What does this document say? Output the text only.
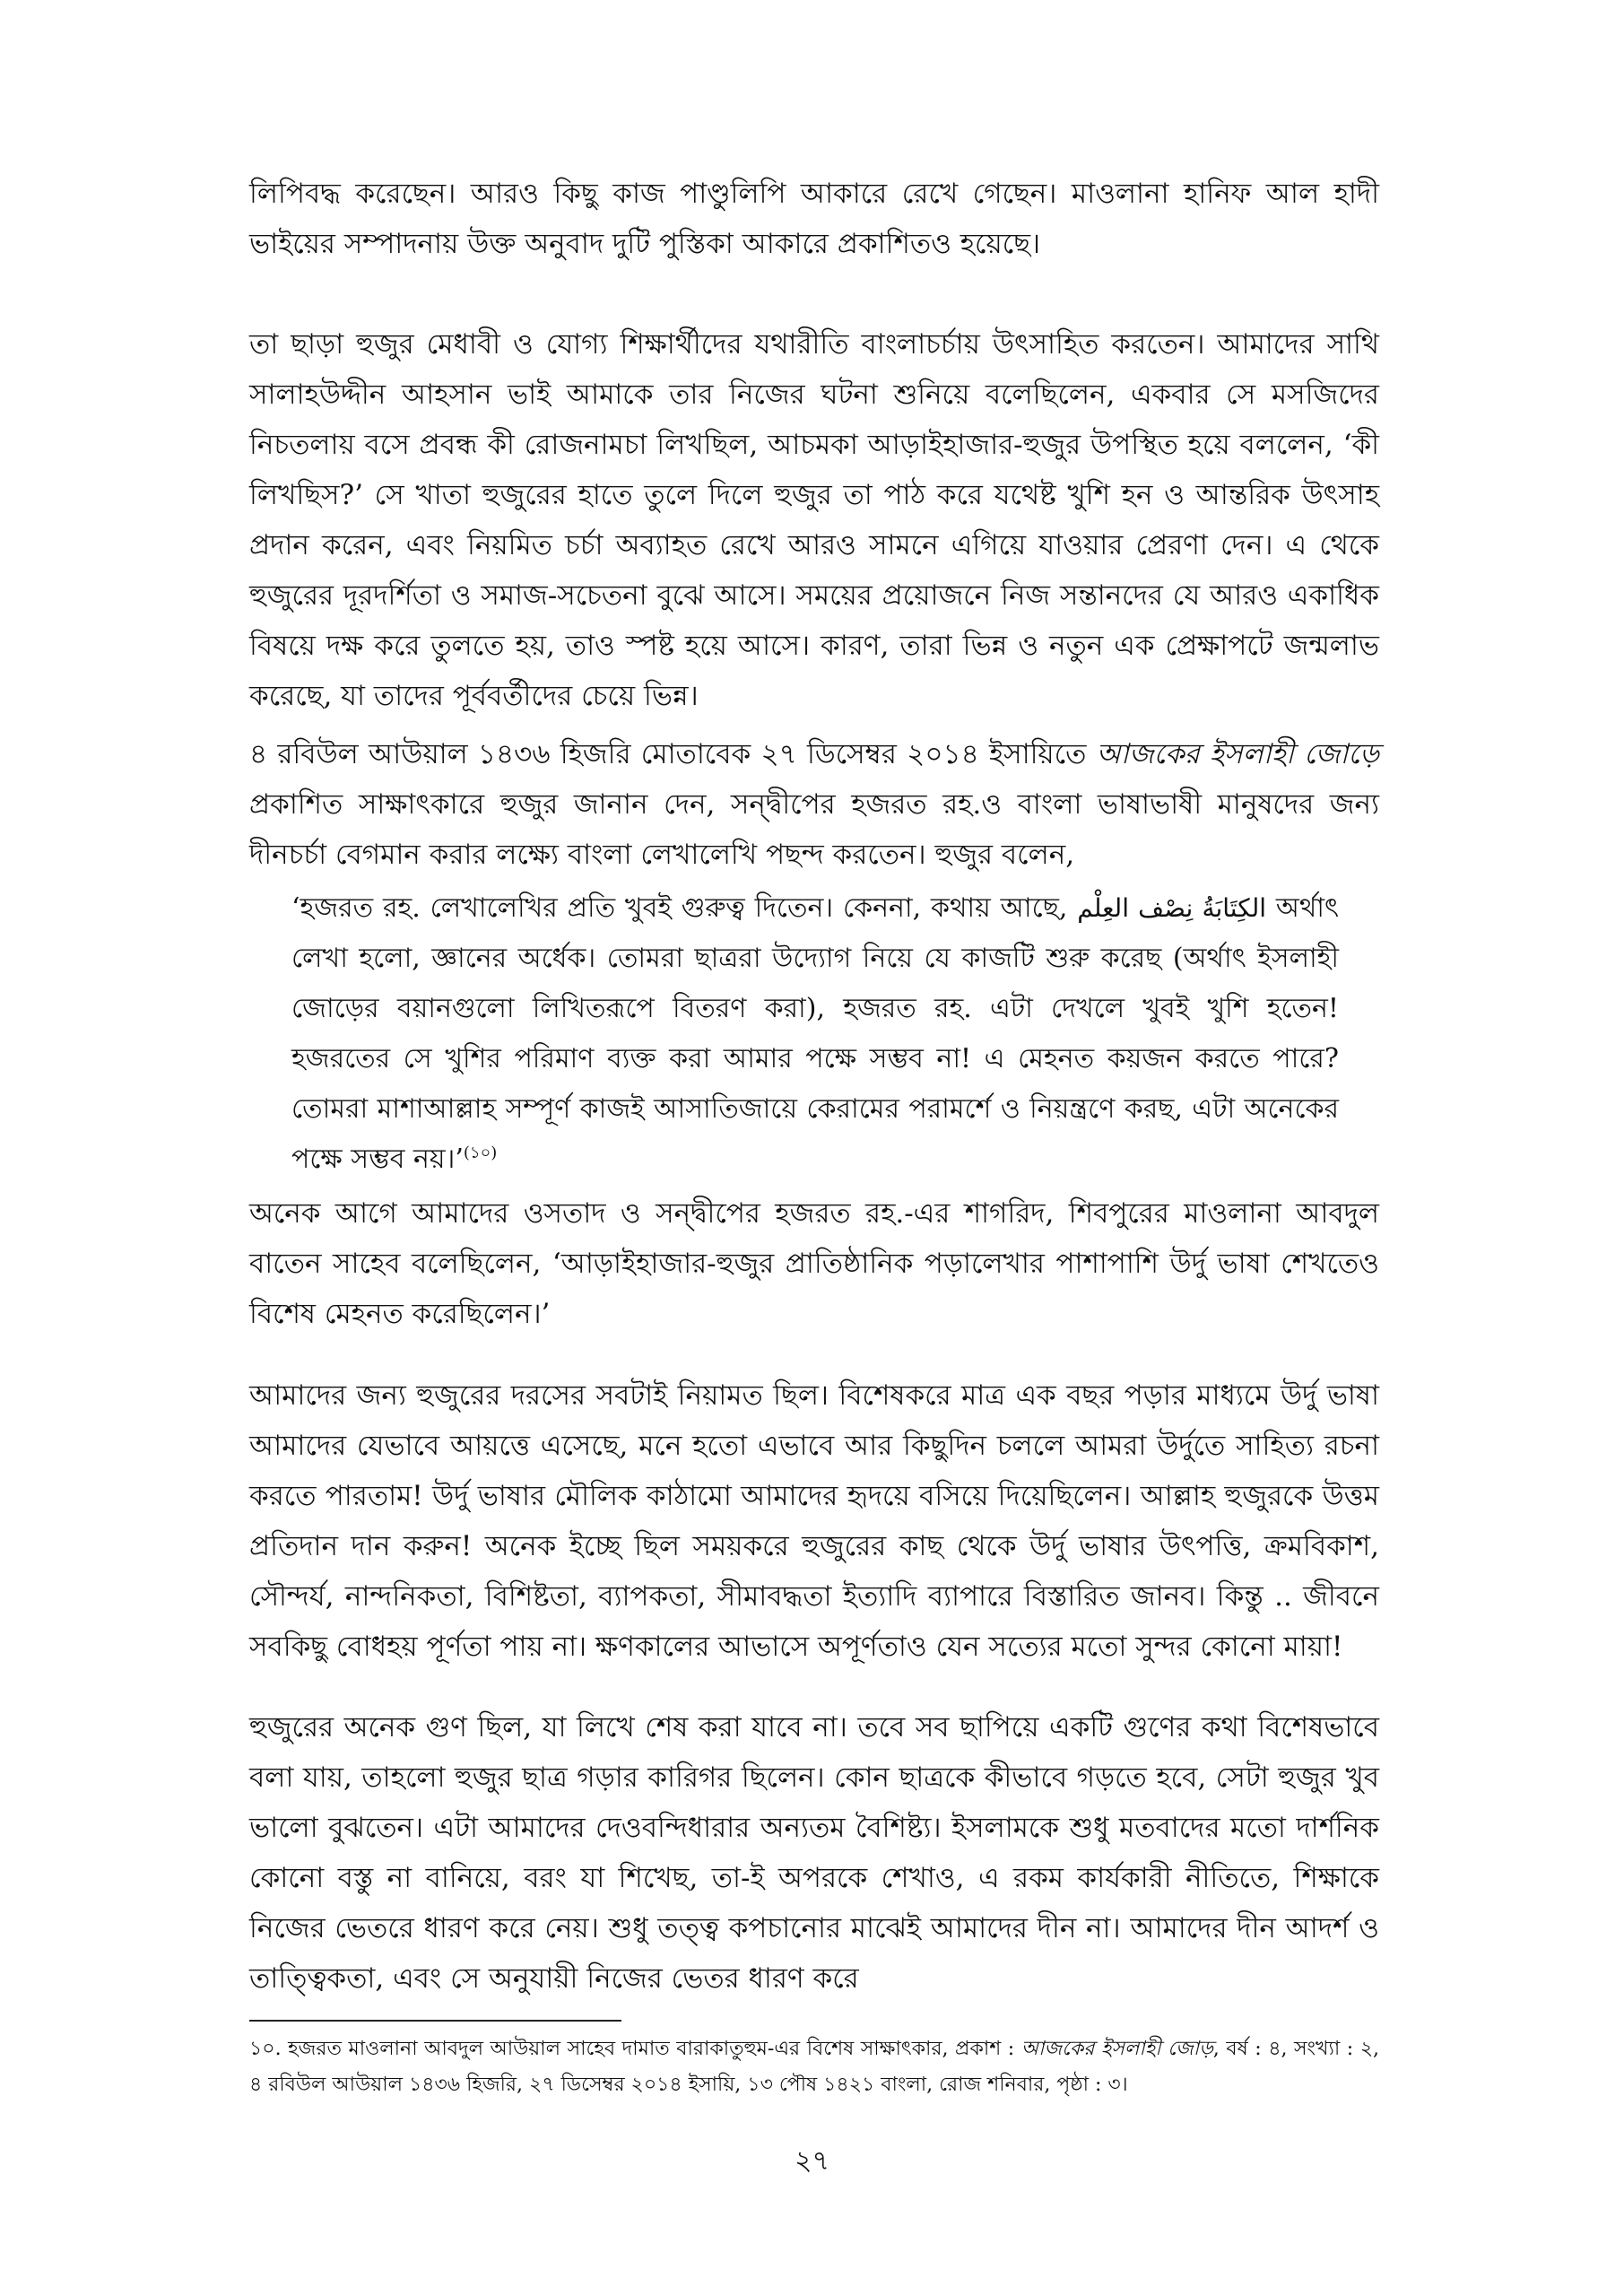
লিপিবদ্ধ করেছেন। আরও কিছু কাজ পাণ্ডুলিপি আকারে রেখে গেছেন। মাওলানা হানিফ আল হাদী ভাইয়ের সম্পাদনায় উক্ত অনুবাদ দুটি পুস্তিকা আকারে প্রকাশিতও হয়েছে।

তা ছাড়া হুজুর মেধাবী ও যোগ্য শিক্ষার্থীদের যথারীতি বাংলাচর্চায় উৎসাহিত করতেন। আমাদের সাথি সালাহউদ্দীন আহসান ভাই আমাকে তার নিজের ঘটনা শুনিয়ে বলেছিলেন, একবার সে মসজিদের নিচতলায় বসে প্রবন্ধ কী রোজনামচা লিখছিল, আচমকা আড়াইহাজার-হুজুর উপস্থিত হয়ে বললেন, ‘কী লিখছিস?’ সে খাতা হুজুরের হাতে তুলে দিলে হুজুর তা পাঠ করে যথেষ্ট খুশি হন ও আন্তরিক উৎসাহ প্রদান করেন, এবং নিয়মিত চর্চা অব্যাহত রেখে আরও সামনে এগিয়ে যাওয়ার প্রেরণা দেন। এ থেকে হুজুরের দূরদর্শিতা ও সমাজ-সচেতনা বুঝে আসে। সময়ের প্রয়োজনে নিজ সন্তানদের যে আরও একাধিক বিষয়ে দক্ষ করে তুলতে হয়, তাও স্পষ্ট হয়ে আসে। কারণ, তারা ভিন্ন ও নতুন এক প্রেক্ষাপটে জন্মলাভ করেছে, যা তাদের পূর্ববর্তীদের চেয়ে ভিন্ন।

৪ রবিউল আউয়াল ১৪৩৬ হিজরি মোতাবেক ২৭ ডিসেম্বর ২০১৪ ইসায়িতে আজকের ইসলাহী জোড়ে প্রকাশিত সাক্ষাৎকারে হুজুর জানান দেন, সন্দ্বীপের হজরত রহ.ও বাংলা ভাষাভাষী মানুষদের জন্য দীনচর্চা বেগমান করার লক্ষ্যে বাংলা লেখালেখি পছন্দ করতেন। হুজুর বলেন,

‘হজরত রহ. লেখালেখির প্রতি খুবই গুরুত্ব দিতেন। কেননা, কথায় আছে, الكِتَابَةُ نِصْف العِلْم অর্থাৎ লেখা হলো, জ্ঞানের অর্ধেক। তোমরা ছাত্ররা উদ্যোগ নিয়ে যে কাজটি শুরু করেছ (অর্থাৎ ইসলাহী জোড়ের বয়ানগুলো লিখিতরূপে বিতরণ করা), হজরত রহ. এটা দেখলে খুবই খুশি হতেন! হজরতের সে খুশির পরিমাণ ব্যক্ত করা আমার পক্ষে সম্ভব না! এ মেহনত কয়জন করতে পারে? তোমরা মাশাআল্লাহ সম্পূর্ণ কাজই আসাতিজায়ে কেরামের পরামর্শে ও নিয়ন্ত্রণে করছ, এটা অনেকের পক্ষে সম্ভব নয়।’$^{(১০)}$

অনেক আগে আমাদের ওসতাদ ও সন্দ্বীপের হজরত রহ.-এর শাগরিদ, শিবপুরের মাওলানা আবদুল বাতেন সাহেব বলেছিলেন, ‘আড়াইহাজার-হুজুর প্রাতিষ্ঠানিক পড়ালেখার পাশাপাশি উর্দু ভাষা শেখতেও বিশেষ মেহনত করেছিলেন।’

আমাদের জন্য হুজুরের দরসের সবটাই নিয়ামত ছিল। বিশেষকরে মাত্র এক বছর পড়ার মাধ্যমে উর্দু ভাষা আমাদের যেভাবে আয়ত্তে এসেছে, মনে হতো এভাবে আর কিছুদিন চললে আমরা উর্দুতে সাহিত্য রচনা করতে পারতাম! উর্দু ভাষার মৌলিক কাঠামো আমাদের হৃদয়ে বসিয়ে দিয়েছিলেন। আল্লাহ হুজুরকে উত্তম প্রতিদান দান করুন! অনেক ইচ্ছে ছিল সময়করে হুজুরের কাছ থেকে উর্দু ভাষার উৎপত্তি, ক্রমবিকাশ, সৌন্দর্য, নান্দনিকতা, বিশিষ্টতা, ব্যাপকতা, সীমাবদ্ধতা ইত্যাদি ব্যাপারে বিস্তারিত জানব। কিন্তু .. জীবনে সবকিছু বোধহয় পূর্ণতা পায় না। ক্ষণকালের আভাসে অপূর্ণতাও যেন সত্যের মতো সুন্দর কোনো মায়া!

হুজুরের অনেক গুণ ছিল, যা লিখে শেষ করা যাবে না। তবে সব ছাপিয়ে একটি গুণের কথা বিশেষভাবে বলা যায়, তাহলো হুজুর ছাত্র গড়ার কারিগর ছিলেন। কোন ছাত্রকে কীভাবে গড়তে হবে, সেটা হুজুর খুব ভালো বুঝতেন। এটা আমাদের দেওবন্দিধারার অন্যতম বৈশিষ্ট্য। ইসলামকে শুধু মতবাদের মতো দার্শনিক কোনো বস্তু না বানিয়ে, বরং যা শিখেছ, তা-ই অপরকে শেখাও, এ রকম কার্যকারী নীতিতে, শিক্ষাকে নিজের ভেতরে ধারণ করে নেয়। শুধু তত্ত্ব কপচানোর মাঝেই আমাদের দীন না। আমাদের দীন আদর্শ ও তাত্ত্বিকতা, এবং সে অনুযায়ী নিজের ভেতর ধারণ করে

১০. হজরত মাওলানা আবদুল আউয়াল সাহেব দামাত বারাকাতুহুম-এর বিশেষ সাক্ষাৎকার, প্রকাশ : আজকের ইসলাহী জোড়, বর্ষ : ৪, সংখ্যা : ২, ৪ রবিউল আউয়াল ১৪৩৬ হিজরি, ২৭ ডিসেম্বর ২০১৪ ইসায়ি, ১৩ পৌষ ১৪২১ বাংলা, রোজ শনিবার, পৃষ্ঠা : ৩।

২৭
